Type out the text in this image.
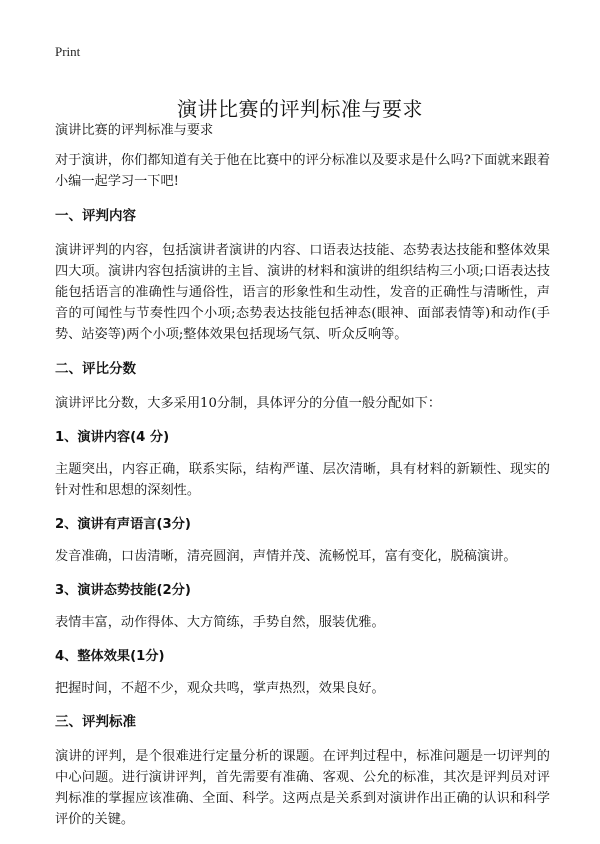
Print
演讲比赛的评判标准与要求

演讲比赛的评判标准与要求

对于演讲，你们都知道有关于他在比赛中的评分标准以及要求是什么吗?下面就来跟着小编一起学习一下吧!

一、评判内容

演讲评判的内容，包括演讲者演讲的内容、口语表达技能、态势表达技能和整体效果四大项。演讲内容包括演讲的主旨、演讲的材料和演讲的组织结构三小项;口语表达技能包括语言的准确性与通俗性，语言的形象性和生动性，发音的正确性与清晰性，声音的可闻性与节奏性四个小项;态势表达技能包括神态(眼神、面部表情等)和动作(手势、站姿等)两个小项;整体效果包括现场气氛、听众反响等。

二、评比分数

演讲评比分数，大多采用10分制，具体评分的分值一般分配如下：

1、演讲内容(4 分)

主题突出，内容正确，联系实际，结构严谨、层次清晰，具有材料的新颖性、现实的针对性和思想的深刻性。

2、演讲有声语言(3分)

发音准确，口齿清晰，清亮圆润，声情并茂、流畅悦耳，富有变化，脱稿演讲。

3、演讲态势技能(2分)

表情丰富，动作得体、大方简练，手势自然，服装优雅。

4、整体效果(1分)

把握时间，不超不少，观众共鸣，掌声热烈，效果良好。

三、评判标准

演讲的评判，是个很难进行定量分析的课题。在评判过程中，标准问题是一切评判的中心问题。进行演讲评判，首先需要有准确、客观、公允的标准，其次是评判员对评判标准的掌握应该准确、全面、科学。这两点是关系到对演讲作出正确的认识和科学评价的关键。
